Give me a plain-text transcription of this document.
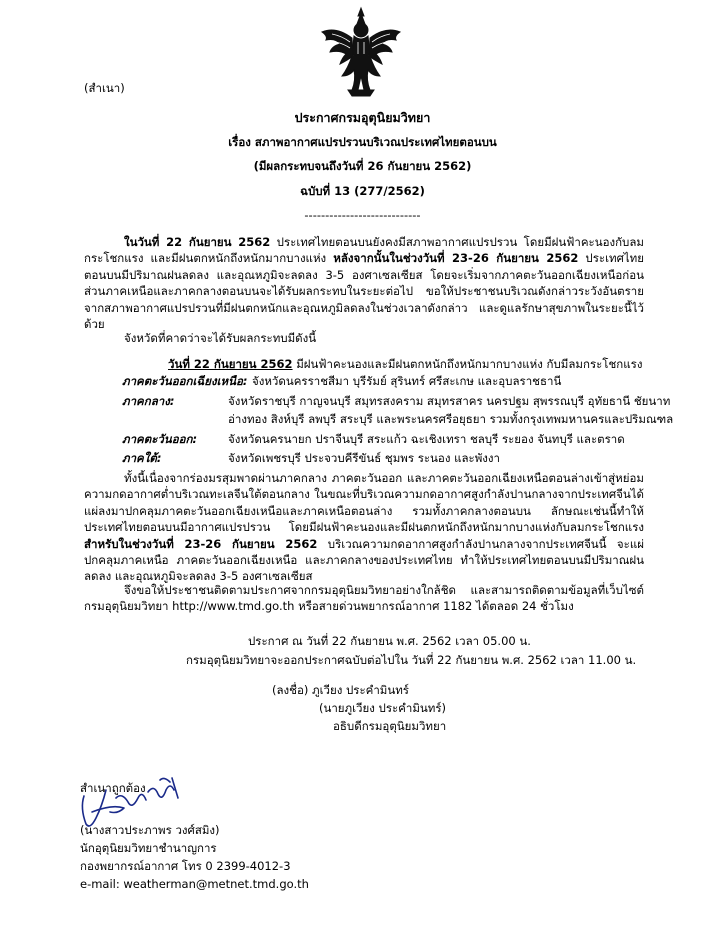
(สำเนา)
ประกาศกรมอุตุนิยมวิทยา
เรื่อง สภาพอากาศแปรปรวนบริเวณประเทศไทยตอนบน
(มีผลกระทบจนถึงวันที่ 26 กันยายน 2562)
ฉบับที่ 13 (277/2562)
----------------------------
ในวันที่ 22 กันยายน 2562 ประเทศไทยตอนบนยังคงมีสภาพอากาศแปรปรวน โดยมีฝนฟ้าคะนองกับลมกระโชกแรง และมีฝนตกหนักถึงหนักมากบางแห่ง หลังจากนั้นในช่วงวันที่ 23-26 กันยายน 2562 ประเทศไทยตอนบนมีปริมาณฝนลดลง และอุณหภูมิจะลดลง 3-5 องศาเซลเซียส โดยจะเริ่มจากภาคตะวันออกเฉียงเหนือก่อน ส่วนภาคเหนือและภาคกลางตอนบนจะได้รับผลกระทบในระยะต่อไป ขอให้ประชาชนบริเวณดังกล่าวระวังอันตรายจากสภาพอากาศแปรปรวนที่มีฝนตกหนักและอุณหภูมิลดลงในช่วงเวลาดังกล่าว และดูแลรักษาสุขภาพในระยะนี้ไว้ด้วย
จังหวัดที่คาดว่าจะได้รับผลกระทบมีดังนี้
วันที่ 22 กันยายน 2562 มีฝนฟ้าคะนองและมีฝนตกหนักถึงหนักมากบางแห่ง กับมีลมกระโชกแรง
ภาคตะวันออกเฉียงเหนือ: จังหวัดนครราชสีมา บุรีรัมย์ สุรินทร์ ศรีสะเกษ และอุบลราชธานี
ภาคกลาง:	จังหวัดราชบุรี กาญจนบุรี สมุทรสงคราม สมุทรสาคร นครปฐม สุพรรณบุรี อุทัยธานี ชัยนาท
อ่างทอง สิงห์บุรี ลพบุรี สระบุรี และพระนครศรีอยุธยา รวมทั้งกรุงเทพมหานครและปริมณฑล
ภาคตะวันออก:	จังหวัดนครนายก ปราจีนบุรี สระแก้ว ฉะเชิงเทรา ชลบุรี ระยอง จันทบุรี และตราด
ภาคใต้:	จังหวัดเพชรบุรี ประจวบคีรีขันธ์ ชุมพร ระนอง และพังงา
ทั้งนี้เนื่องจากร่องมรสุมพาดผ่านภาคกลาง ภาคตะวันออก และภาคตะวันออกเฉียงเหนือตอนล่างเข้าสู่หย่อมความกดอากาศต่ำบริเวณทะเลจีนใต้ตอนกลาง ในขณะที่บริเวณความกดอากาศสูงกำลังปานกลางจากประเทศจีนได้แผ่ลงมาปกคลุมภาคตะวันออกเฉียงเหนือและภาคเหนือตอนล่าง รวมทั้งภาคกลางตอนบน ลักษณะเช่นนี้ทำให้ประเทศไทยตอนบนมีอากาศแปรปรวน โดยมีฝนฟ้าคะนองและมีฝนตกหนักถึงหนักมากบางแห่งกับลมกระโชกแรง สำหรับในช่วงวันที่ 23-26 กันยายน 2562 บริเวณความกดอากาศสูงกำลังปานกลางจากประเทศจีนนี้ จะแผ่ปกคลุมภาคเหนือ ภาคตะวันออกเฉียงเหนือ และภาคกลางของประเทศไทย ทำให้ประเทศไทยตอนบนมีปริมาณฝนลดลง และอุณหภูมิจะลดลง 3-5 องศาเซลเซียส
จึงขอให้ประชาชนติดตามประกาศจากกรมอุตุนิยมวิทยาอย่างใกล้ชิด และสามารถติดตามข้อมูลที่เว็บไซต์กรมอุตุนิยมวิทยา http://www.tmd.go.th หรือสายด่วนพยากรณ์อากาศ 1182 ได้ตลอด 24 ชั่วโมง
ประกาศ ณ วันที่ 22 กันยายน พ.ศ. 2562 เวลา 05.00 น.
กรมอุตุนิยมวิทยาจะออกประกาศฉบับต่อไปใน วันที่ 22 กันยายน พ.ศ. 2562 เวลา 11.00 น.
(ลงชื่อ) ภูเวียง ประคำมินทร์
(นายภูเวียง ประคำมินทร์)
อธิบดีกรมอุตุนิยมวิทยา
สำเนาถูกต้อง
(นางสาวประภาพร วงศ์สมิง)
นักอุตุนิยมวิทยาชำนาญการ
กองพยากรณ์อากาศ โทร 0 2399-4012-3
e-mail: weatherman@metnet.tmd.go.th
